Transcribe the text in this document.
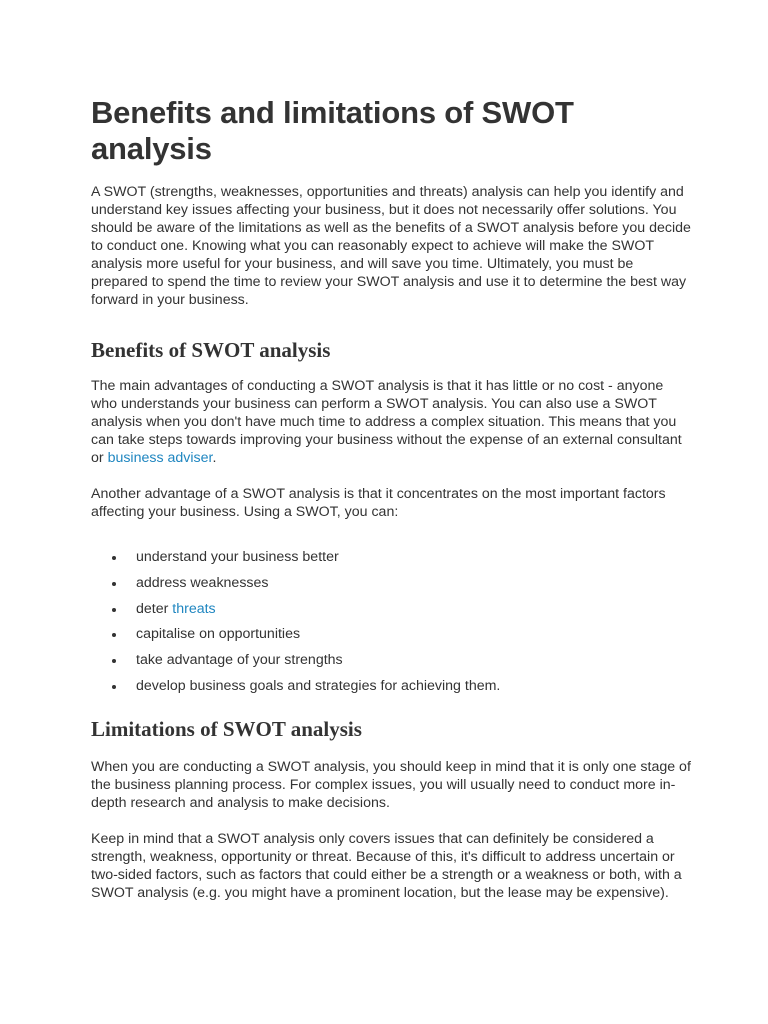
Benefits and limitations of SWOT analysis

A SWOT (strengths, weaknesses, opportunities and threats) analysis can help you identify and understand key issues affecting your business, but it does not necessarily offer solutions. You should be aware of the limitations as well as the benefits of a SWOT analysis before you decide to conduct one. Knowing what you can reasonably expect to achieve will make the SWOT analysis more useful for your business, and will save you time. Ultimately, you must be prepared to spend the time to review your SWOT analysis and use it to determine the best way forward in your business.

Benefits of SWOT analysis

The main advantages of conducting a SWOT analysis is that it has little or no cost - anyone who understands your business can perform a SWOT analysis. You can also use a SWOT analysis when you don't have much time to address a complex situation. This means that you can take steps towards improving your business without the expense of an external consultant or business adviser.

Another advantage of a SWOT analysis is that it concentrates on the most important factors affecting your business. Using a SWOT, you can:

understand your business better
address weaknesses
deter threats
capitalise on opportunities
take advantage of your strengths
develop business goals and strategies for achieving them.
Limitations of SWOT analysis

When you are conducting a SWOT analysis, you should keep in mind that it is only one stage of the business planning process. For complex issues, you will usually need to conduct more in-depth research and analysis to make decisions.

Keep in mind that a SWOT analysis only covers issues that can definitely be considered a strength, weakness, opportunity or threat. Because of this, it's difficult to address uncertain or two-sided factors, such as factors that could either be a strength or a weakness or both, with a SWOT analysis (e.g. you might have a prominent location, but the lease may be expensive).
